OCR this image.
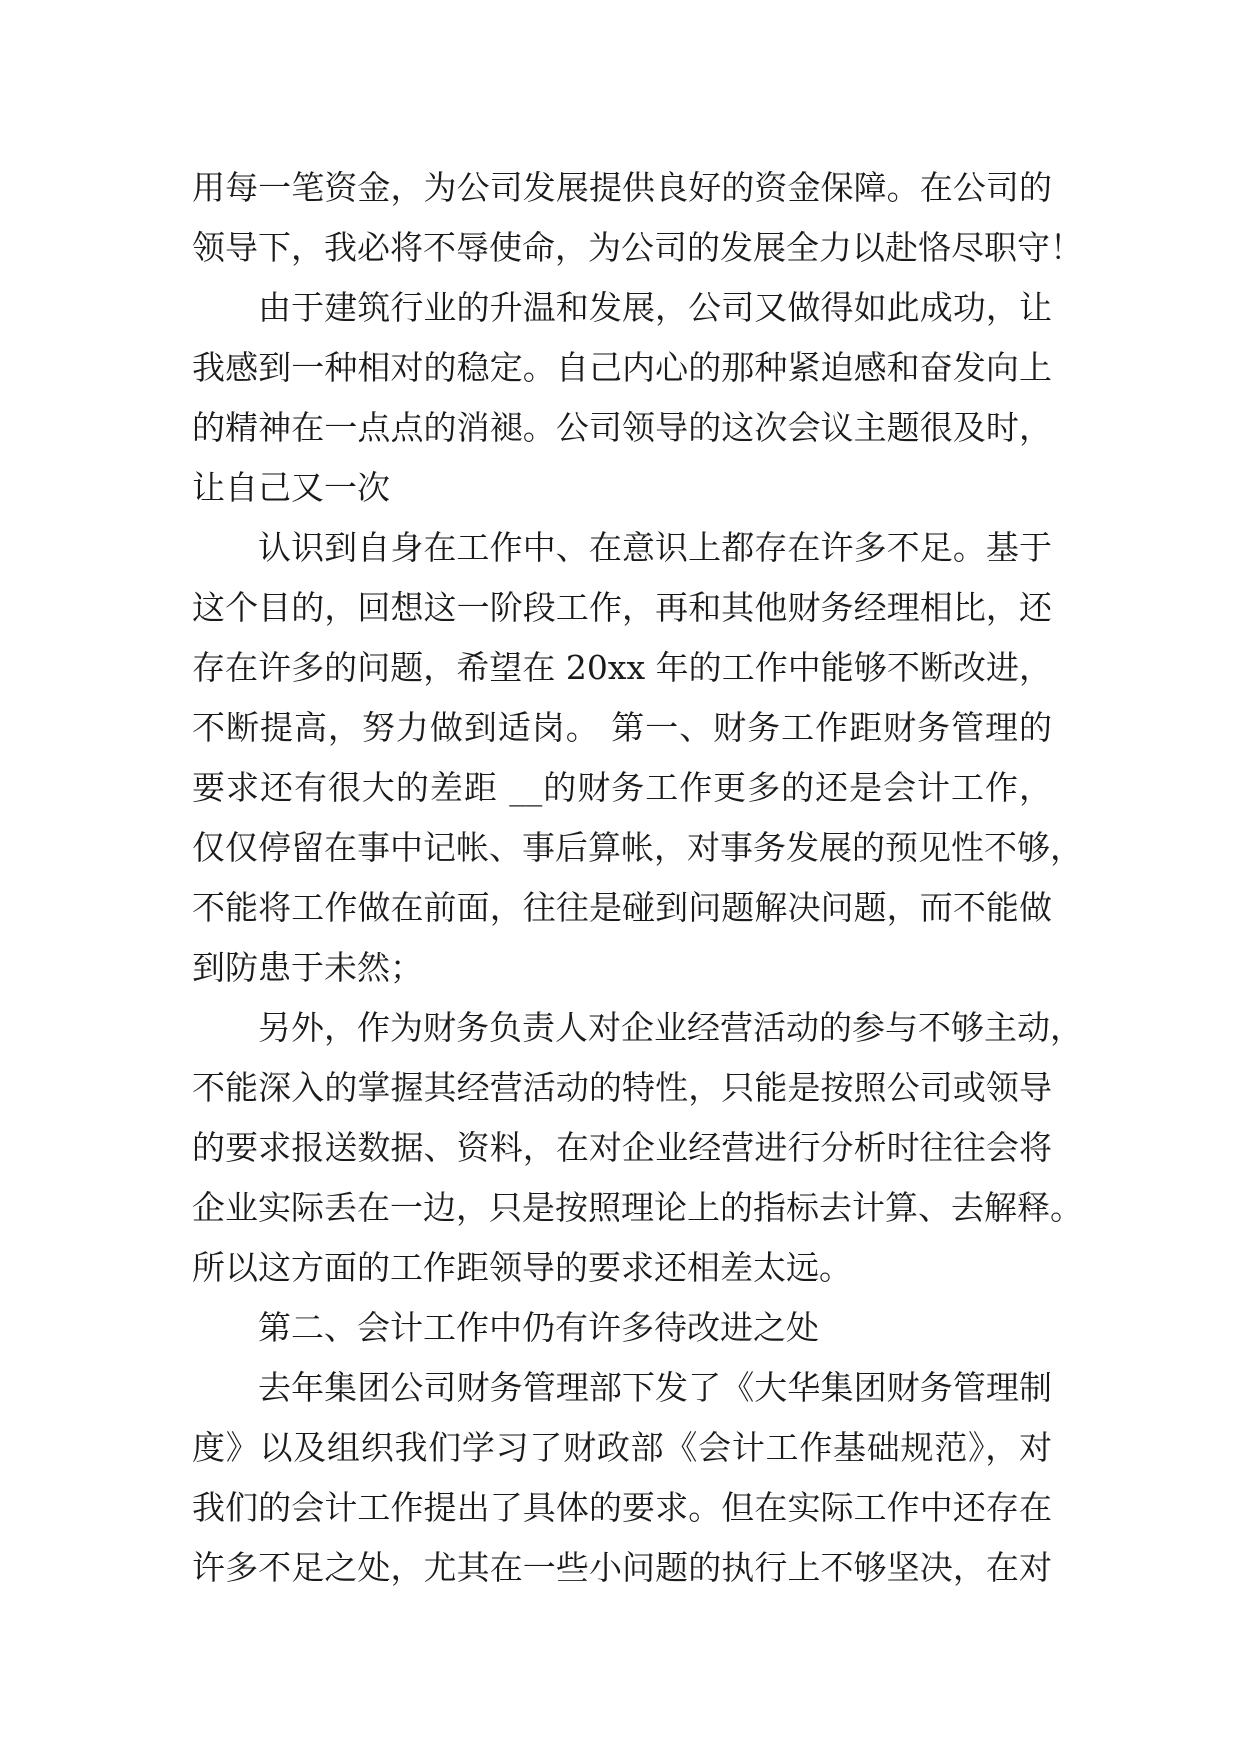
用每一笔资金，为公司发展提供良好的资金保障。在公司的
领导下，我必将不辱使命，为公司的发展全力以赴恪尽职守！
由于建筑行业的升温和发展，公司又做得如此成功，让
我感到一种相对的稳定。自己内心的那种紧迫感和奋发向上
的精神在一点点的消褪。公司领导的这次会议主题很及时，
让自己又一次
认识到自身在工作中、在意识上都存在许多不足。基于
这个目的，回想这一阶段工作，再和其他财务经理相比，还
存在许多的问题，希望在 20xx 年的工作中能够不断改进，
不断提高，努力做到适岗。 第一、财务工作距财务管理的
要求还有很大的差距 __的财务工作更多的还是会计工作，
仅仅停留在事中记帐、事后算帐，对事务发展的预见性不够，
不能将工作做在前面，往往是碰到问题解决问题，而不能做
到防患于未然；
另外，作为财务负责人对企业经营活动的参与不够主动，
不能深入的掌握其经营活动的特性，只能是按照公司或领导
的要求报送数据、资料，在对企业经营进行分析时往往会将
企业实际丢在一边，只是按照理论上的指标去计算、去解释。
所以这方面的工作距领导的要求还相差太远。
第二、会计工作中仍有许多待改进之处
去年集团公司财务管理部下发了《大华集团财务管理制
度》以及组织我们学习了财政部《会计工作基础规范》，对
我们的会计工作提出了具体的要求。但在实际工作中还存在
许多不足之处，尤其在一些小问题的执行上不够坚决，在对
